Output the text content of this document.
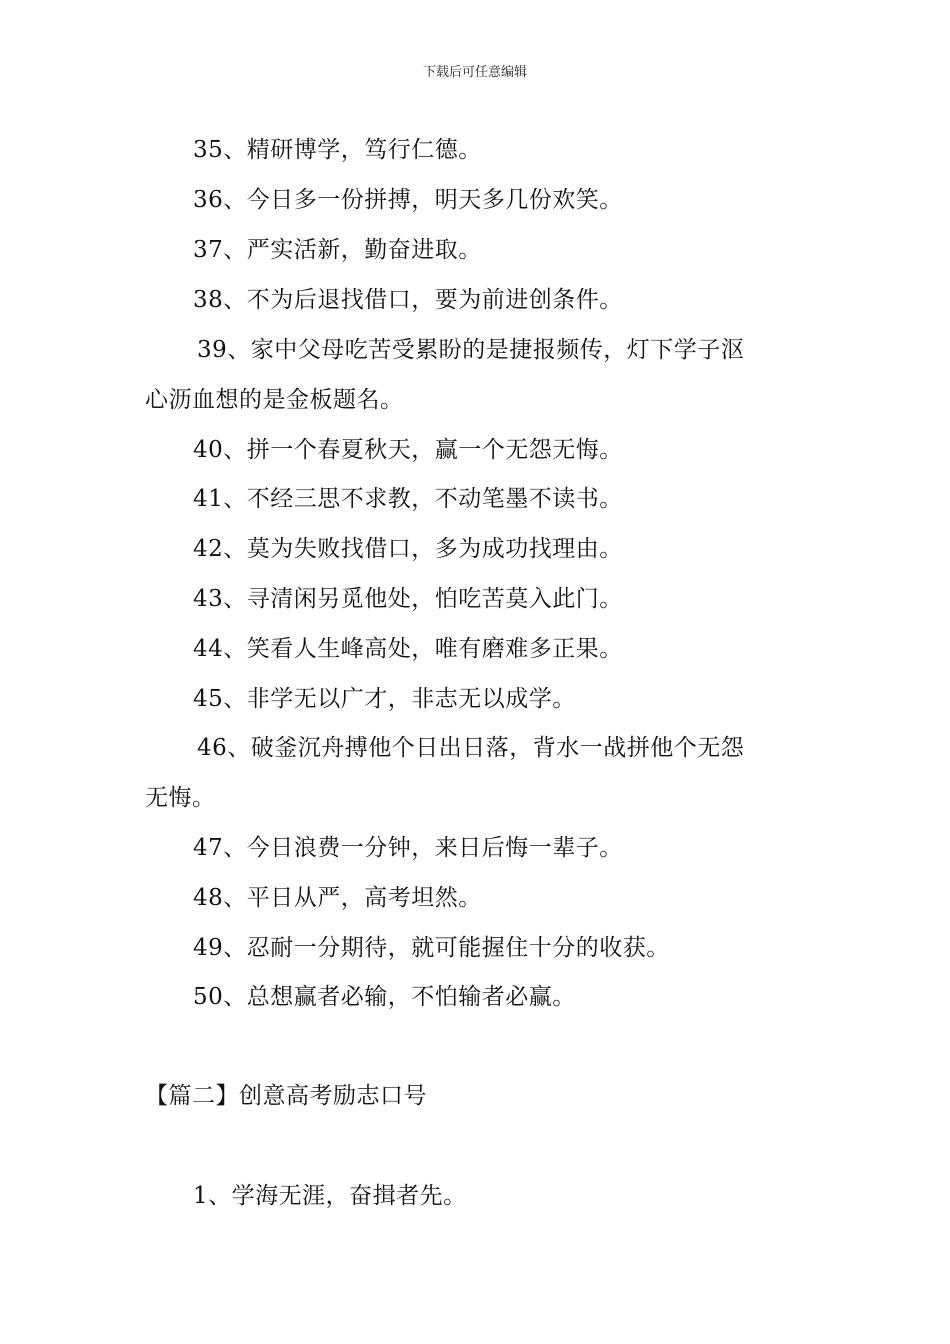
下载后可任意编辑
35、精研博学，笃行仁德。
36、今日多一份拼搏，明天多几份欢笑。
37、严实活新，勤奋进取。
38、不为后退找借口，要为前进创条件。
39、家中父母吃苦受累盼的是捷报频传，灯下学子沤
心沥血想的是金板题名。
40、拼一个春夏秋天，赢一个无怨无悔。
41、不经三思不求教，不动笔墨不读书。
42、莫为失败找借口，多为成功找理由。
43、寻清闲另觅他处，怕吃苦莫入此门。
44、笑看人生峰高处，唯有磨难多正果。
45、非学无以广才，非志无以成学。
46、破釜沉舟搏他个日出日落，背水一战拼他个无怨
无悔。
47、今日浪费一分钟，来日后悔一辈子。
48、平日从严，高考坦然。
49、忍耐一分期待，就可能握住十分的收获。
50、总想赢者必输，不怕输者必赢。
【篇二】创意高考励志口号
1、学海无涯，奋揖者先。
